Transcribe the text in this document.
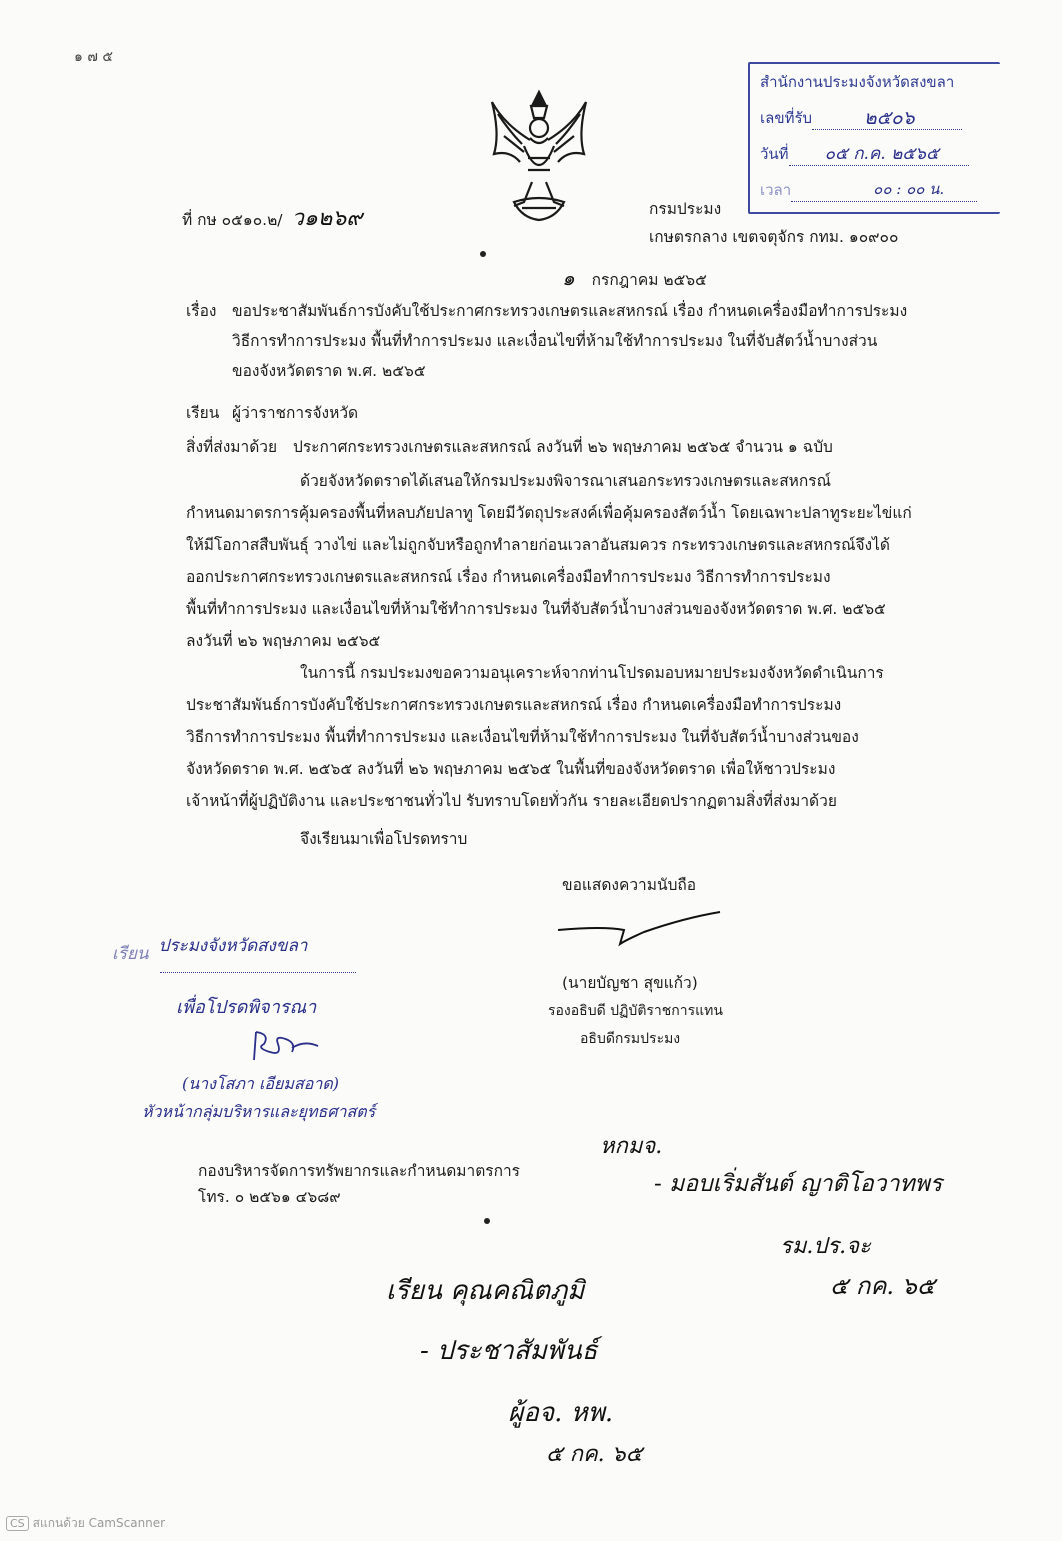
๑ ๗ ๕
สำนักงานประมงจังหวัดสงขลา
เลขที่รับ	๒๕๐๖
วันที่ ๐๕ ก.ค. ๒๕๖๕
เวลา	๐๐ : ๐๐ น.
ที่ กษ ๐๕๑๐.๒/ ว๑๒๖๙	กรมประมง
เกษตรกลาง เขตจตุจักร กทม. ๑๐๙๐๐
๑ กรกฎาคม ๒๕๖๕
เรื่อง ขอประชาสัมพันธ์การบังคับใช้ประกาศกระทรวงเกษตรและสหกรณ์ เรื่อง กำหนดเครื่องมือทำการประมง
วิธีการทำการประมง พื้นที่ทำการประมง และเงื่อนไขที่ห้ามใช้ทำการประมง ในที่จับสัตว์น้ำบางส่วน
ของจังหวัดตราด พ.ศ. ๒๕๖๕
เรียน ผู้ว่าราชการจังหวัด
สิ่งที่ส่งมาด้วย ประกาศกระทรวงเกษตรและสหกรณ์ ลงวันที่ ๒๖ พฤษภาคม ๒๕๖๕ จำนวน ๑ ฉบับ
ด้วยจังหวัดตราดได้เสนอให้กรมประมงพิจารณาเสนอกระทรวงเกษตรและสหกรณ์
กำหนดมาตรการคุ้มครองพื้นที่หลบภัยปลาทู โดยมีวัตถุประสงค์เพื่อคุ้มครองสัตว์น้ำ โดยเฉพาะปลาทูระยะไข่แก่
ให้มีโอกาสสืบพันธุ์ วางไข่ และไม่ถูกจับหรือถูกทำลายก่อนเวลาอันสมควร กระทรวงเกษตรและสหกรณ์จึงได้
ออกประกาศกระทรวงเกษตรและสหกรณ์ เรื่อง กำหนดเครื่องมือทำการประมง วิธีการทำการประมง
พื้นที่ทำการประมง และเงื่อนไขที่ห้ามใช้ทำการประมง ในที่จับสัตว์น้ำบางส่วนของจังหวัดตราด พ.ศ. ๒๕๖๕
ลงวันที่ ๒๖ พฤษภาคม ๒๕๖๕
ในการนี้ กรมประมงขอความอนุเคราะห์จากท่านโปรดมอบหมายประมงจังหวัดดำเนินการ
ประชาสัมพันธ์การบังคับใช้ประกาศกระทรวงเกษตรและสหกรณ์ เรื่อง กำหนดเครื่องมือทำการประมง
วิธีการทำการประมง พื้นที่ทำการประมง และเงื่อนไขที่ห้ามใช้ทำการประมง ในที่จับสัตว์น้ำบางส่วนของ
จังหวัดตราด พ.ศ. ๒๕๖๕ ลงวันที่ ๒๖ พฤษภาคม ๒๕๖๕ ในพื้นที่ของจังหวัดตราด เพื่อให้ชาวประมง
เจ้าหน้าที่ผู้ปฏิบัติงาน และประชาชนทั่วไป รับทราบโดยทั่วกัน รายละเอียดปรากฏตามสิ่งที่ส่งมาด้วย
จึงเรียนมาเพื่อโปรดทราบ
ขอแสดงความนับถือ
(นายบัญชา สุขแก้ว)
รองอธิบดี ปฏิบัติราชการแทน
อธิบดีกรมประมง
เรียน ประมงจังหวัดสงขลา
เพื่อโปรดพิจารณา
(นางโสภา เอียมสอาด)
หัวหน้ากลุ่มบริหารและยุทธศาสตร์
กองบริหารจัดการทรัพยากรและกำหนดมาตรการ
โทร. ๐ ๒๕๖๑ ๔๖๘๙
หกมจ.
- มอบเริ่มสันต์ ญาติโอวาทพร
รม.ปร.จะ
๕ กค. ๖๕
เรียน คุณคณิตภูมิ
- ประชาสัมพันธ์
ผู้อจ. หพ.
๕ กค. ๖๕
CS สแกนด้วย CamScanner
